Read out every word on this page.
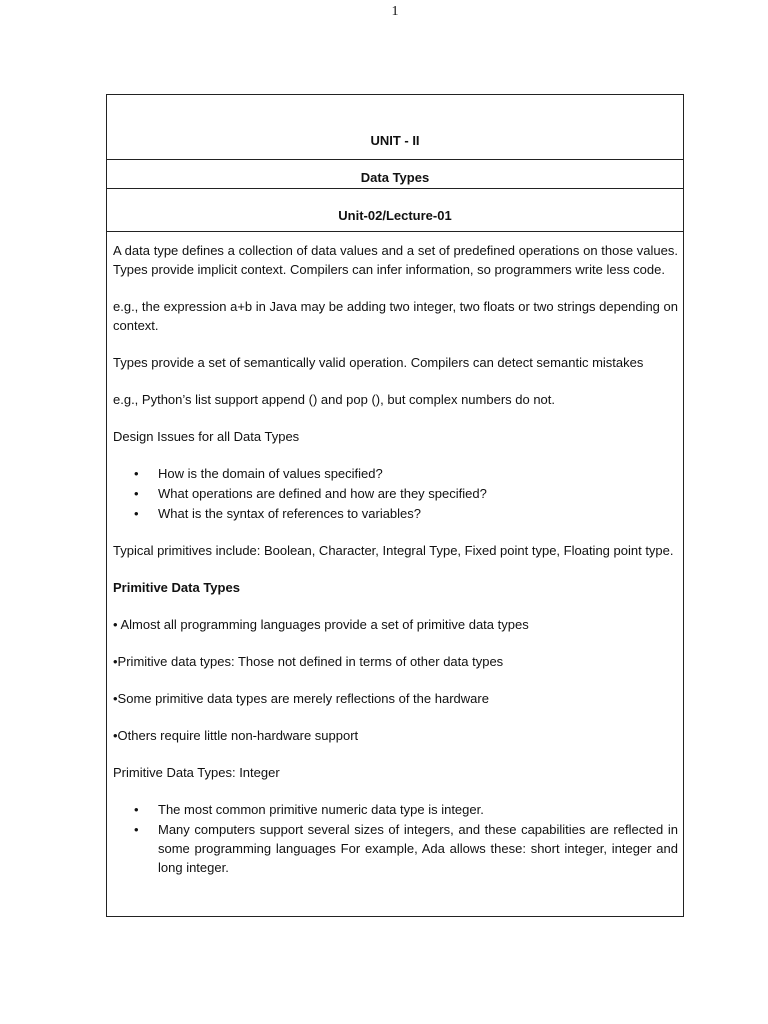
1
UNIT - II
Data Types
Unit-02/Lecture-01

A data type defines a collection of data values and a set of predefined operations on those values. Types provide implicit context. Compilers can infer information, so programmers write less code.

e.g., the expression a+b in Java may be adding two integer, two floats or two strings depending on context.

Types provide a set of semantically valid operation. Compilers can detect semantic mistakes

e.g., Python’s list support append () and pop (), but complex numbers do not.

Design Issues for all Data Types

• How is the domain of values specified?
• What operations are defined and how are they specified?
• What is the syntax of references to variables?

Typical primitives include: Boolean, Character, Integral Type, Fixed point type, Floating point type.

Primitive Data Types

• Almost all programming languages provide a set of primitive data types

•Primitive data types: Those not defined in terms of other data types

•Some primitive data types are merely reflections of the hardware

•Others require little non-hardware support

Primitive Data Types: Integer

• The most common primitive numeric data type is integer.
• Many computers support several sizes of integers, and these capabilities are reflected in some programming languages For example, Ada allows these: short integer, integer and long integer.
